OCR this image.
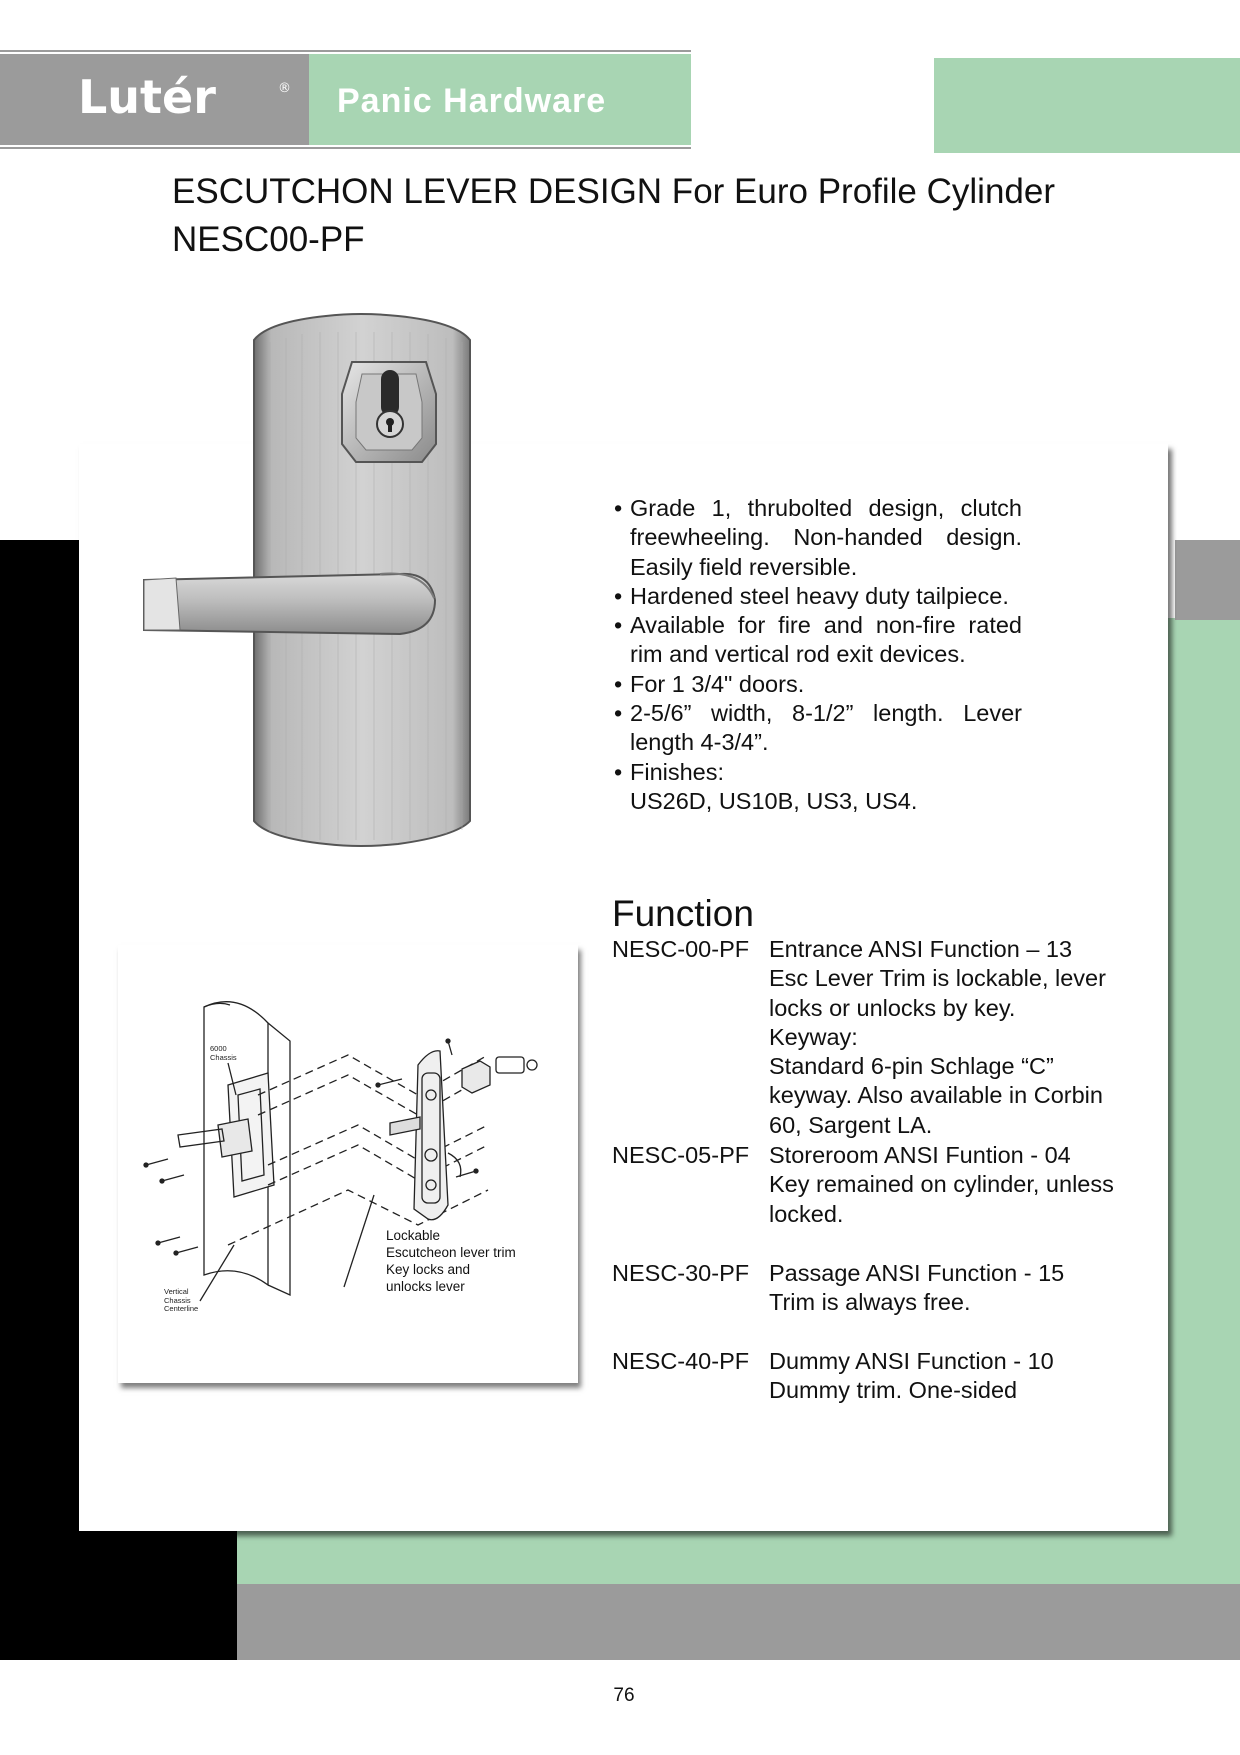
Lutér	® Panic Hardware
ESCUTCHON LEVER DESIGN For Euro Profile Cylinder
NESC00-PF
• Grade 1, thrubolted design, clutch freewheeling. Non-handed design. Easily field reversible.
• Hardened steel heavy duty tailpiece.
• Available for fire and non-fire rated rim and vertical rod exit devices.
• For 1 3/4" doors.
• 2-5/6” width, 8-1/2” length. Lever length 4-3/4”.
• Finishes:
US26D, US10B, US3, US4.
6000
Chassis
Lockable
Escutcheon lever trim
Key locks and
unlocks lever
Vertical
Chassis
Centerline
Function
NESC-00-PF Entrance ANSI Function – 13
Esc Lever Trim is lockable, lever
locks or unlocks by key.
Keyway:
Standard 6-pin Schlage “C”
keyway. Also available in Corbin
60, Sargent LA.
NESC-05-PF Storeroom ANSI Funtion - 04
Key remained on cylinder, unless
locked.
NESC-30-PF Passage ANSI Function - 15
Trim is always free.
NESC-40-PF Dummy ANSI Function - 10
Dummy trim. One-sided
76
